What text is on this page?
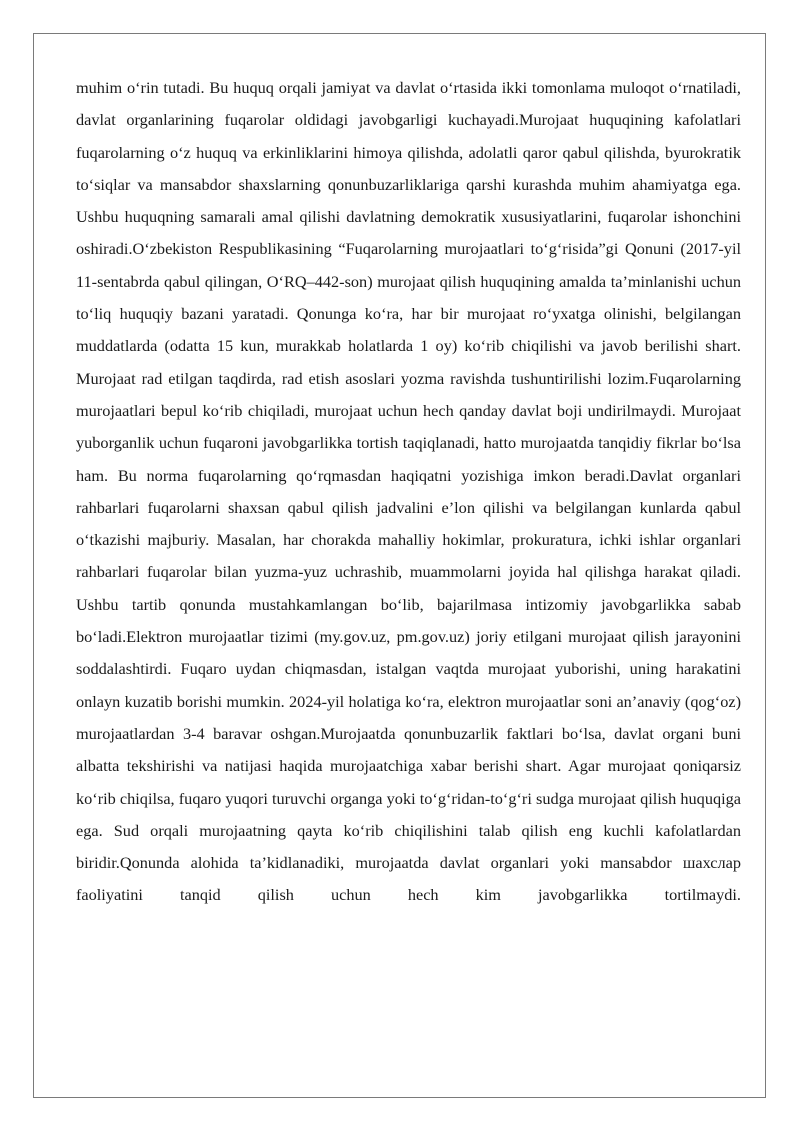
muhim o‘rin tutadi. Bu huquq orqali jamiyat va davlat o‘rtasida ikki tomonlama muloqot o‘rnatiladi, davlat organlarining fuqarolar oldidagi javobgarligi kuchayadi.Murojaat huquqining kafolatlari fuqarolarning o‘z huquq va erkinliklarini himoya qilishda, adolatli qaror qabul qilishda, byurokratik to‘siqlar va mansabdor shaxslarning qonunbuzarliklariga qarshi kurashda muhim ahamiyatga ega. Ushbu huquqning samarali amal qilishi davlatning demokratik xususiyatlarini, fuqarolar ishonchini oshiradi.O‘zbekiston Respublikasining “Fuqarolarning murojaatlari to‘g‘risida”gi Qonuni (2017-yil 11-sentabrda qabul qilingan, O‘RQ–442-son) murojaat qilish huquqining amalda ta’minlanishi uchun to‘liq huquqiy bazani yaratadi. Qonunga ko‘ra, har bir murojaat ro‘yxatga olinishi, belgilangan muddatlarda (odatta 15 kun, murakkab holatlarda 1 oy) ko‘rib chiqilishi va javob berilishi shart. Murojaat rad etilgan taqdirda, rad etish asoslari yozma ravishda tushuntirilishi lozim.Fuqarolarning murojaatlari bepul ko‘rib chiqiladi, murojaat uchun hech qanday davlat boji undirilmaydi. Murojaat yuborganlik uchun fuqaroni javobgarlikka tortish taqiqlanadi, hatto murojaatda tanqidiy fikrlar bo‘lsa ham. Bu norma fuqarolarning qo‘rqmasdan haqiqatni yozishiga imkon beradi.Davlat organlari rahbarlari fuqarolarni shaxsan qabul qilish jadvalini e’lon qilishi va belgilangan kunlarda qabul o‘tkazishi majburiy. Masalan, har chorakda mahalliy hokimlar, prokuratura, ichki ishlar organlari rahbarlari fuqarolar bilan yuzma-yuz uchrashib, muammolarni joyida hal qilishga harakat qiladi. Ushbu tartib qonunda mustahkamlangan bo‘lib, bajarilmasa intizomiy javobgarlikka sabab bo‘ladi.Elektron murojaatlar tizimi (my.gov.uz, pm.gov.uz) joriy etilgani murojaat qilish jarayonini soddalashtirdi. Fuqaro uydan chiqmasdan, istalgan vaqtda murojaat yuborishi, uning harakatini onlayn kuzatib borishi mumkin. 2024-yil holatiga ko‘ra, elektron murojaatlar soni an’anaviy (qog‘oz) murojaatlardan 3-4 baravar oshgan.Murojaatda qonunbuzarlik faktlari bo‘lsa, davlat organi buni albatta tekshirishi va natijasi haqida murojaatchiga xabar berishi shart. Agar murojaat qoniqarsiz ko‘rib chiqilsa, fuqaro yuqori turuvchi organga yoki to‘g‘ridan-to‘g‘ri sudga murojaat qilish huquqiga ega. Sud orqali murojaatning qayta ko‘rib chiqilishini talab qilish eng kuchli kafolatlardan biridir.Qonunda alohida ta’kidlanadiki, murojaatda davlat organlari yoki mansabdor шахслар faoliyatini tanqid qilish uchun hech kim javobgarlikka tortilmaydi.
